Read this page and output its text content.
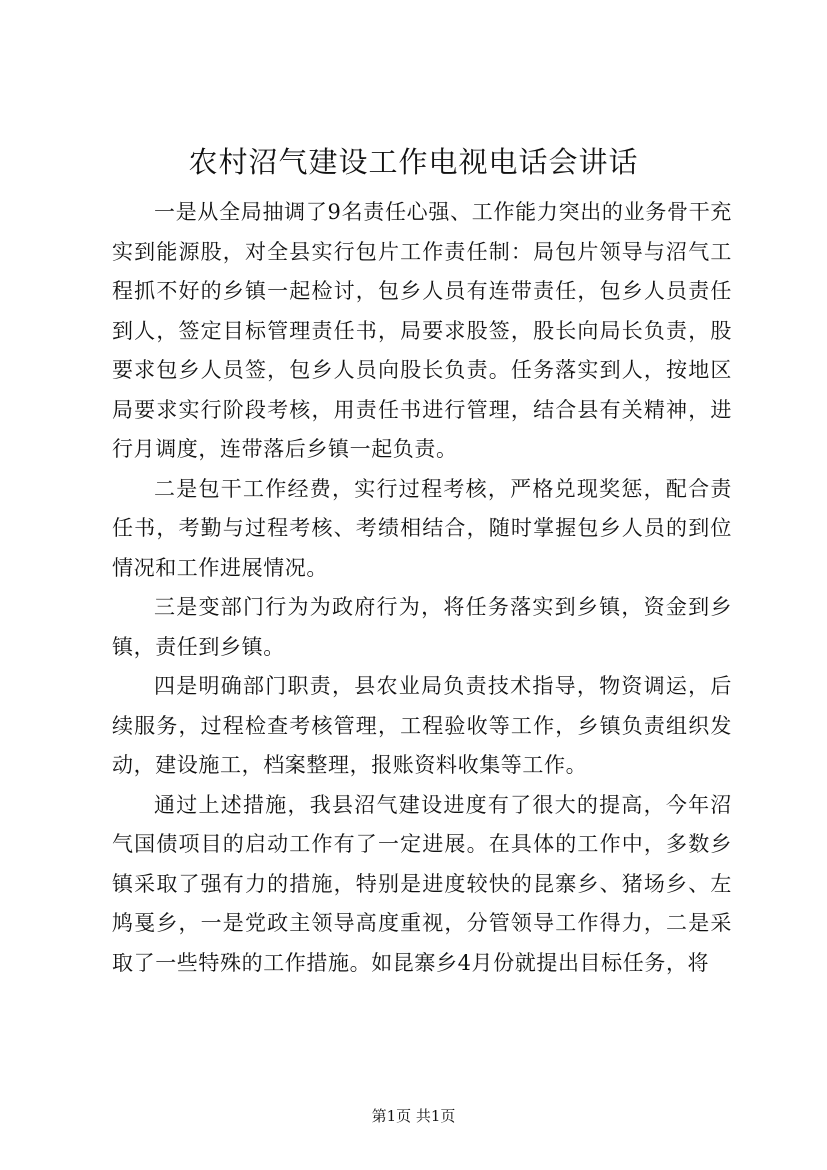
农村沼气建设工作电视电话会讲话

一是从全局抽调了9名责任心强、工作能力突出的业务骨干充实到能源股，对全县实行包片工作责任制：局包片领导与沼气工程抓不好的乡镇一起检讨，包乡人员有连带责任，包乡人员责任到人，签定目标管理责任书，局要求股签，股长向局长负责，股要求包乡人员签，包乡人员向股长负责。任务落实到人，按地区局要求实行阶段考核，用责任书进行管理，结合县有关精神，进行月调度，连带落后乡镇一起负责。

二是包干工作经费，实行过程考核，严格兑现奖惩，配合责任书，考勤与过程考核、考绩相结合，随时掌握包乡人员的到位情况和工作进展情况。

三是变部门行为为政府行为，将任务落实到乡镇，资金到乡镇，责任到乡镇。

四是明确部门职责，县农业局负责技术指导，物资调运，后续服务，过程检查考核管理，工程验收等工作，乡镇负责组织发动，建设施工，档案整理，报账资料收集等工作。

通过上述措施，我县沼气建设进度有了很大的提高，今年沼气国债项目的启动工作有了一定进展。在具体的工作中，多数乡镇采取了强有力的措施，特别是进度较快的昆寨乡、猪场乡、左鸠戛乡，一是党政主领导高度重视，分管领导工作得力，二是采取了一些特殊的工作措施。如昆寨乡4月份就提出目标任务，将

第1页 共1页
